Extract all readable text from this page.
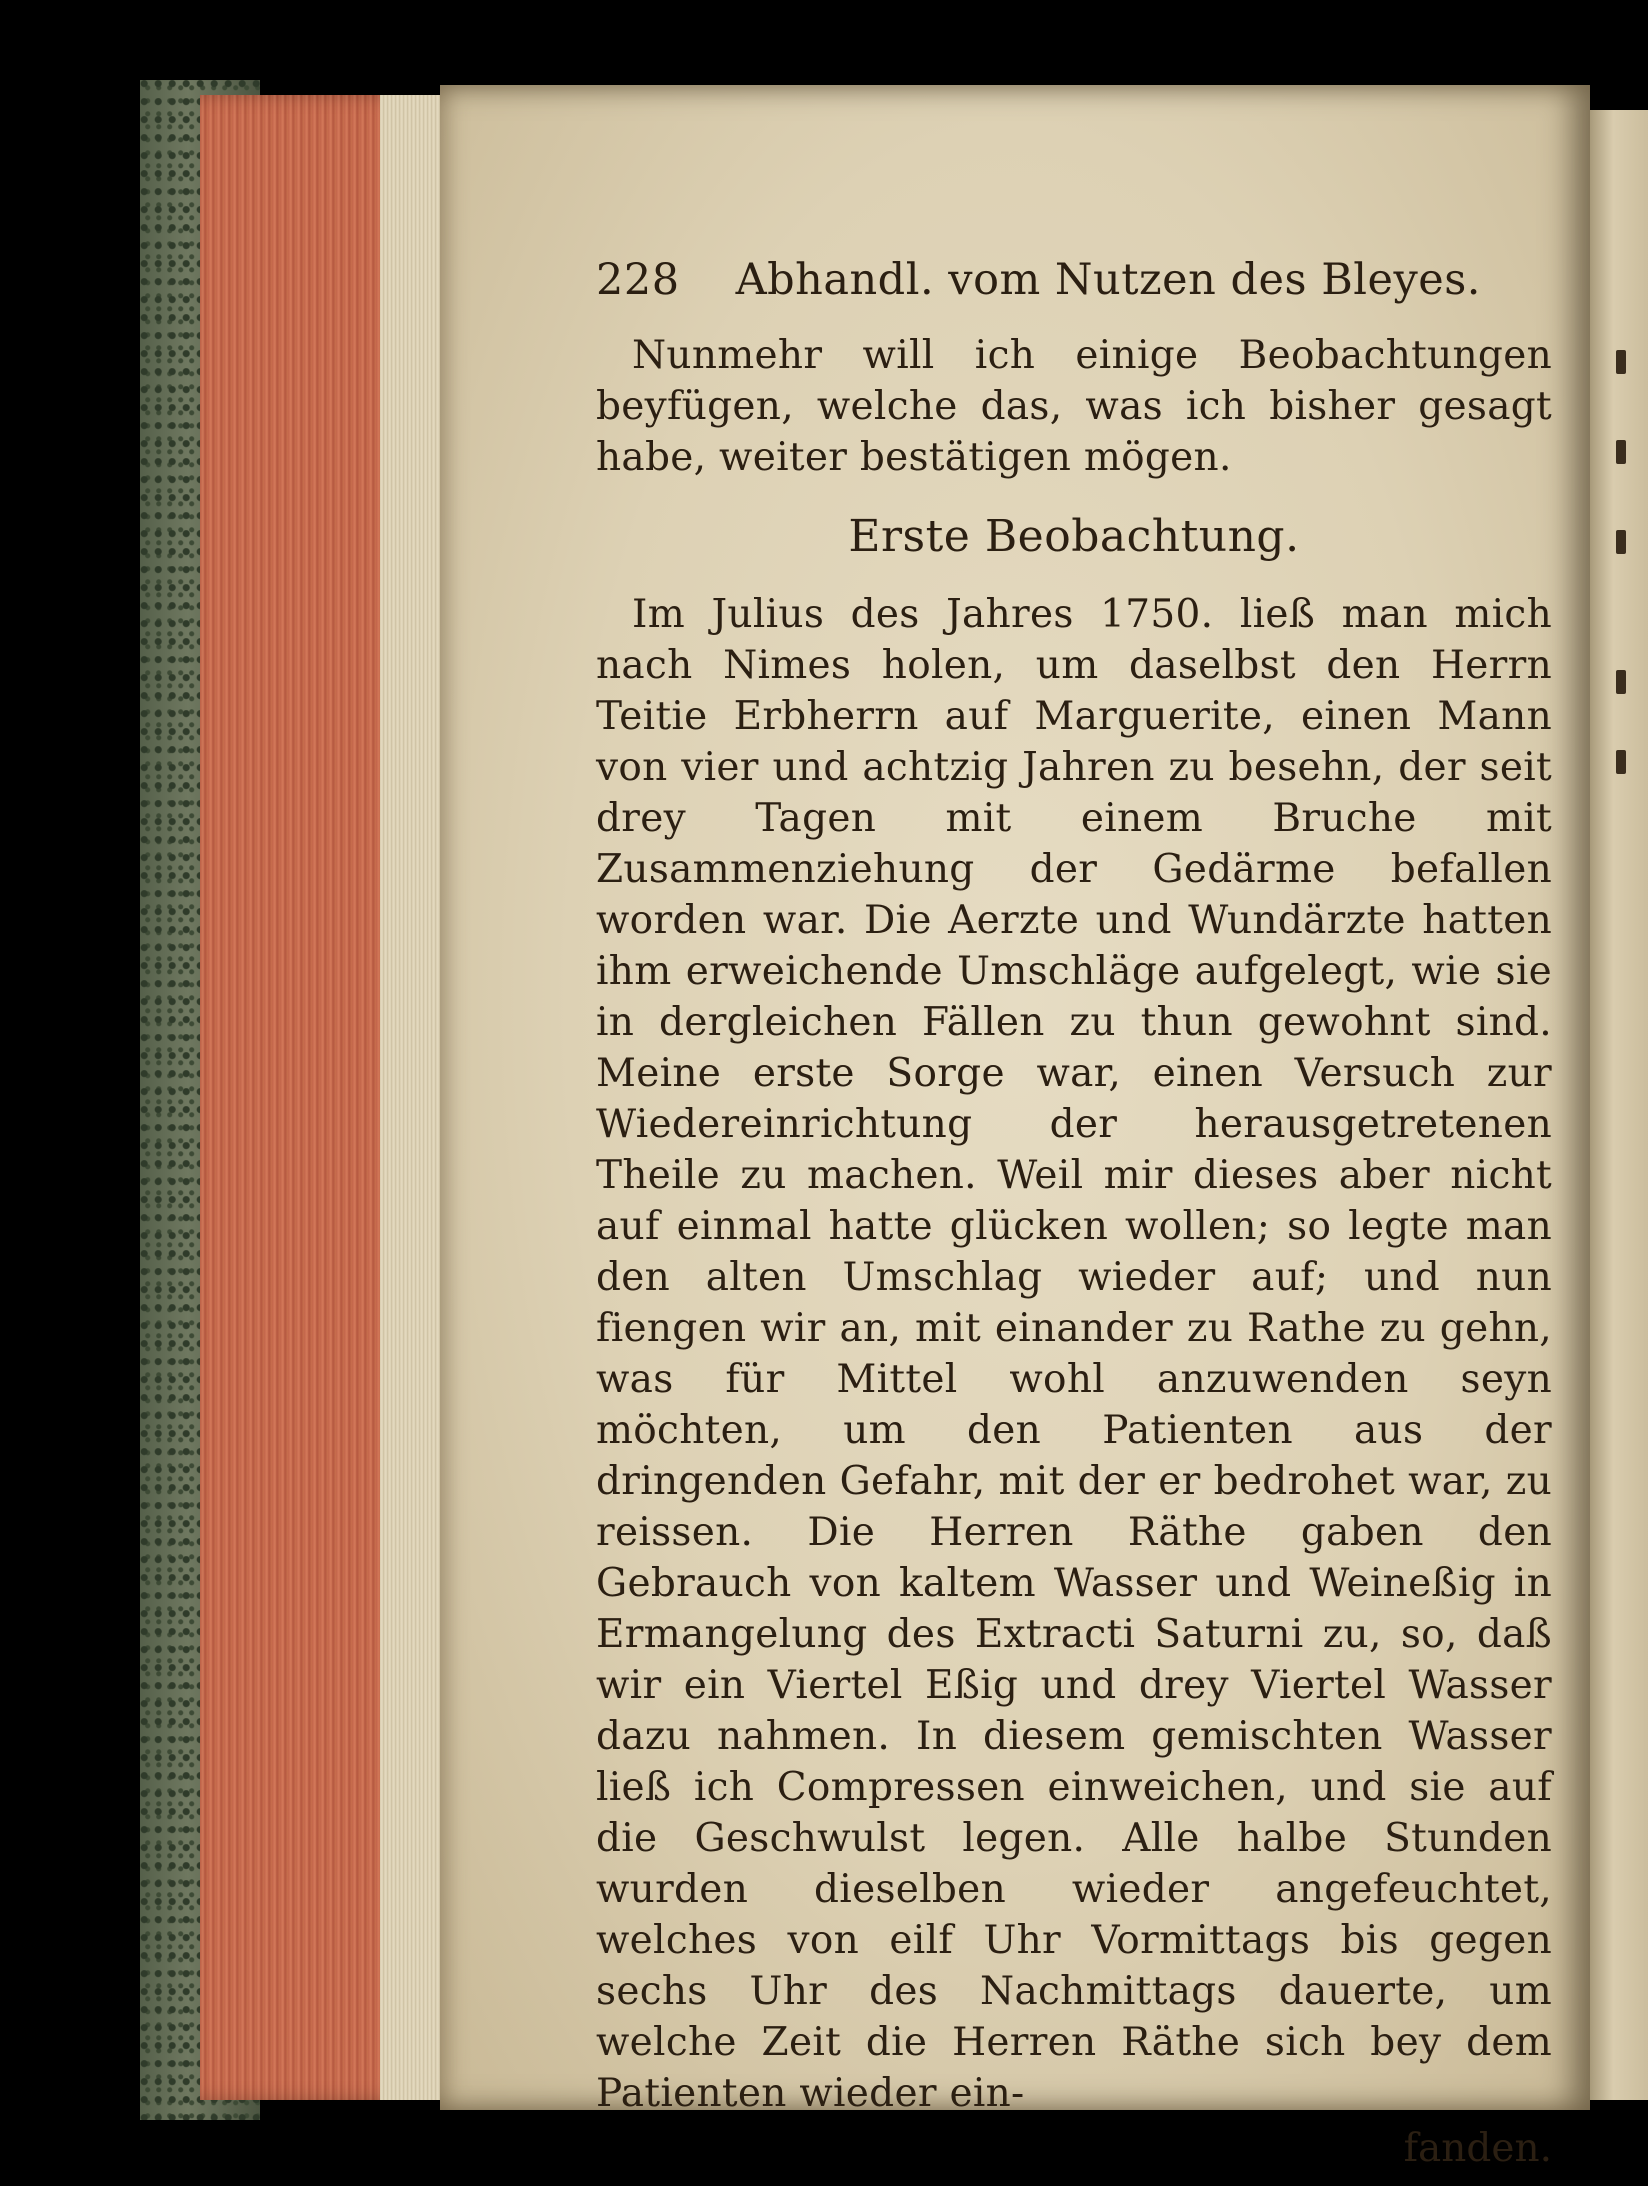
228 Abhandl. vom Nutzen des Bleyes.

Nunmehr will ich einige Beobachtungen beyfügen, welche das, was ich bisher gesagt habe, weiter bestätigen mögen.

Erste Beobachtung.

Im Julius des Jahres 1750. ließ man mich nach Nimes holen, um daselbst den Herrn Teitie Erbherrn auf Marguerite, einen Mann von vier und achtzig Jahren zu besehn, der seit drey Tagen mit einem Bruche mit Zusammenziehung der Gedärme befallen worden war. Die Aerzte und Wundärzte hatten ihm erweichende Umschläge aufgelegt, wie sie in dergleichen Fällen zu thun gewohnt sind. Meine erste Sorge war, einen Versuch zur Wiedereinrichtung der herausgetretenen Theile zu machen. Weil mir dieses aber nicht auf einmal hatte glücken wollen; so legte man den alten Umschlag wieder auf; und nun fiengen wir an, mit einander zu Rathe zu gehn, was für Mittel wohl anzuwenden seyn möchten, um den Patienten aus der dringenden Gefahr, mit der er bedrohet war, zu reissen. Die Herren Räthe gaben den Gebrauch von kaltem Wasser und Weineßig in Ermangelung des Extracti Saturni zu, so, daß wir ein Viertel Eßig und drey Viertel Wasser dazu nahmen. In diesem gemischten Wasser ließ ich Compressen einweichen, und sie auf die Geschwulst legen. Alle halbe Stunden wurden dieselben wieder angefeuchtet, welches von eilf Uhr Vormittags bis gegen sechs Uhr des Nachmittags dauerte, um welche Zeit die Herren Räthe sich bey dem Patienten wieder ein-

fanden.
